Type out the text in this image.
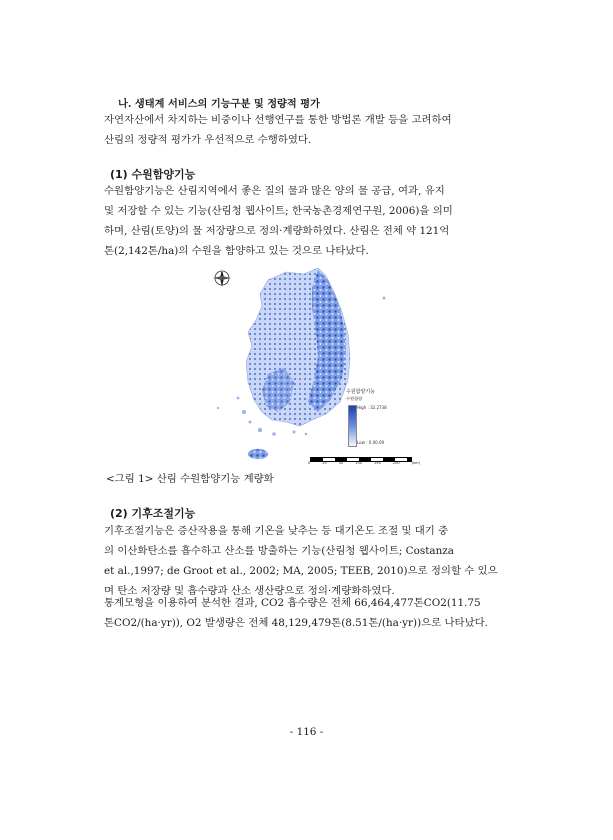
나. 생태계 서비스의 기능구분 및 정량적 평가
자연자산에서 차지하는 비중이나 선행연구를 통한 방법론 개발 등을 고려하여
산림의 정량적 평가가 우선적으로 수행하였다.
(1) 수원함양기능
수원함양기능은 산림지역에서 좋은 질의 물과 많은 양의 물 공급, 여과, 유지
및 저장할 수 있는 기능(산림청 웹사이트; 한국농촌경제연구원, 2006)을 의미
하며, 산림(토양)의 물 저장량으로 정의·계량화하였다. 산림은 전체 약 121억
톤(2,142톤/ha)의 수원을 함양하고 있는 것으로 나타났다.
N
수원함양기능
수원함량
High : 32.2738
Low : 0.00.09
0	25	50	100	150	200	(km)
<그림 1> 산림 수원함양기능 계량화
(2) 기후조절기능
기후조절기능은 증산작용을 통해 기온을 낮추는 등 대기온도 조절 및 대기 중
의 이산화탄소를 흡수하고 산소를 방출하는 기능(산림청 웹사이트; Costanza
et al.,1997; de Groot et al., 2002; MA, 2005; TEEB, 2010)으로 정의할 수 있으
며 탄소 저장량 및 흡수량과 산소 생산량으로 정의·계량화하였다.
통계모형을 이용하여 분석한 결과, CO2 흡수량은 전체 66,464,477톤CO2(11.75
톤CO2/(ha·yr)), O2 발생량은 전체 48,129,479톤(8.51톤/(ha·yr))으로 나타났다.
- 116 -
